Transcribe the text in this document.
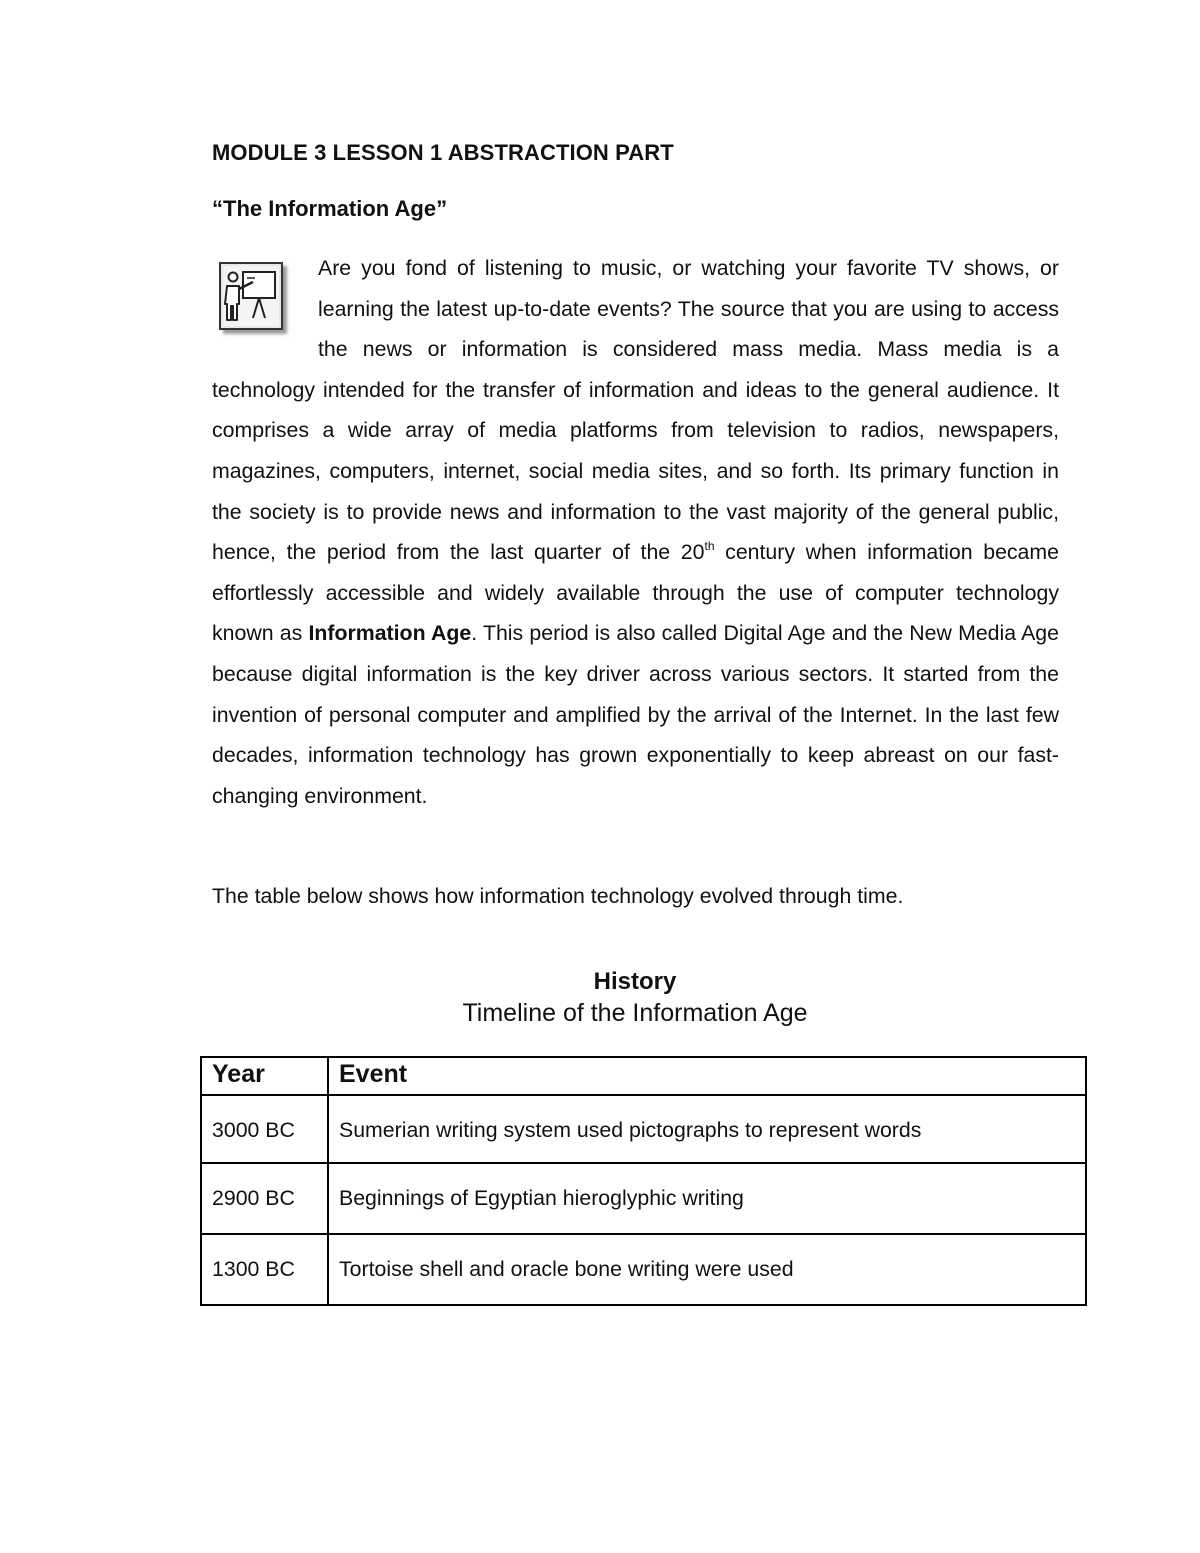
MODULE 3 LESSON 1 ABSTRACTION PART
“The Information Age”
Are you fond of listening to music, or watching your favorite TV shows, or learning the latest up-to-date events? The source that you are using to access the news or information is considered mass media. Mass media is a technology intended for the transfer of information and ideas to the general audience. It comprises a wide array of media platforms from television to radios, newspapers, magazines, computers, internet, social media sites, and so forth. Its primary function in the society is to provide news and information to the vast majority of the general public, hence, the period from the last quarter of the 20th century when information became effortlessly accessible and widely available through the use of computer technology known as Information Age. This period is also called Digital Age and the New Media Age because digital information is the key driver across various sectors. It started from the invention of personal computer and amplified by the arrival of the Internet. In the last few decades, information technology has grown exponentially to keep abreast on our fast-changing environment.
The table below shows how information technology evolved through time.
History
Timeline of the Information Age
Year	Event
3000 BC	Sumerian writing system used pictographs to represent words
2900 BC	Beginnings of Egyptian hieroglyphic writing
1300 BC	Tortoise shell and oracle bone writing were used
